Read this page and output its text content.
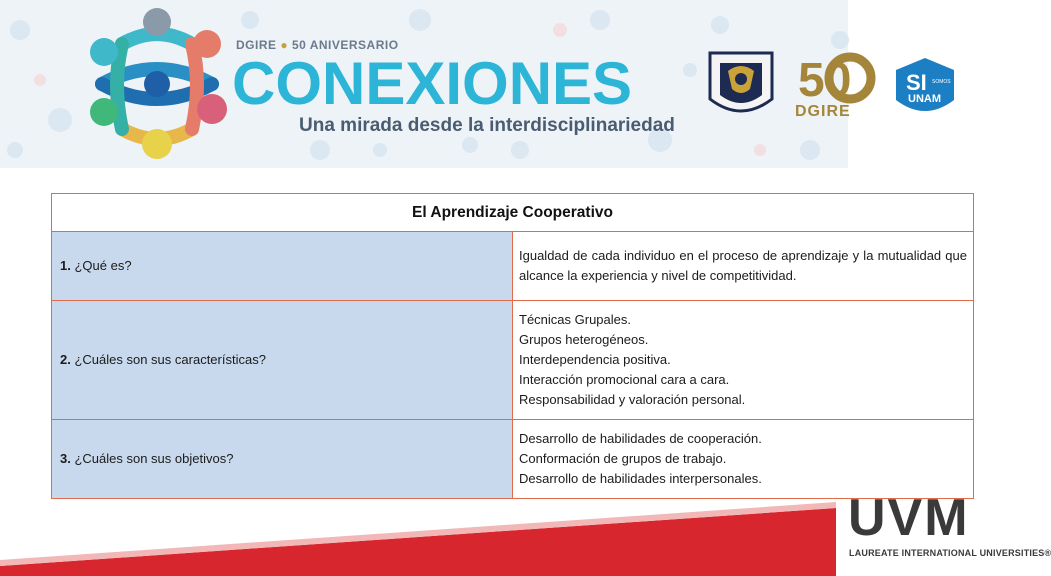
DGIRE ● 50 ANIVERSARIO
CONEXIONES
Una mirada desde la interdisciplinariedad
50
DGIRE
SI SOMOS
UNAM
El Aprendizaje Cooperativo	
1. ¿Qué es?	Igualdad de cada individuo en el proceso de aprendizaje y la mutualidad que alcance la experiencia y nivel de competitividad.

2. ¿Cuáles son sus características?	Técnicas Grupales.
Grupos heterogéneos.
Interdependencia positiva.
Interacción promocional cara a cara.
Responsabilidad y valoración personal.

3. ¿Cuáles son sus objetivos?	Desarrollo de habilidades de cooperación.
Conformación de grupos de trabajo.
Desarrollo de habilidades interpersonales.
UVM
LAUREATE INTERNATIONAL UNIVERSITIES®
